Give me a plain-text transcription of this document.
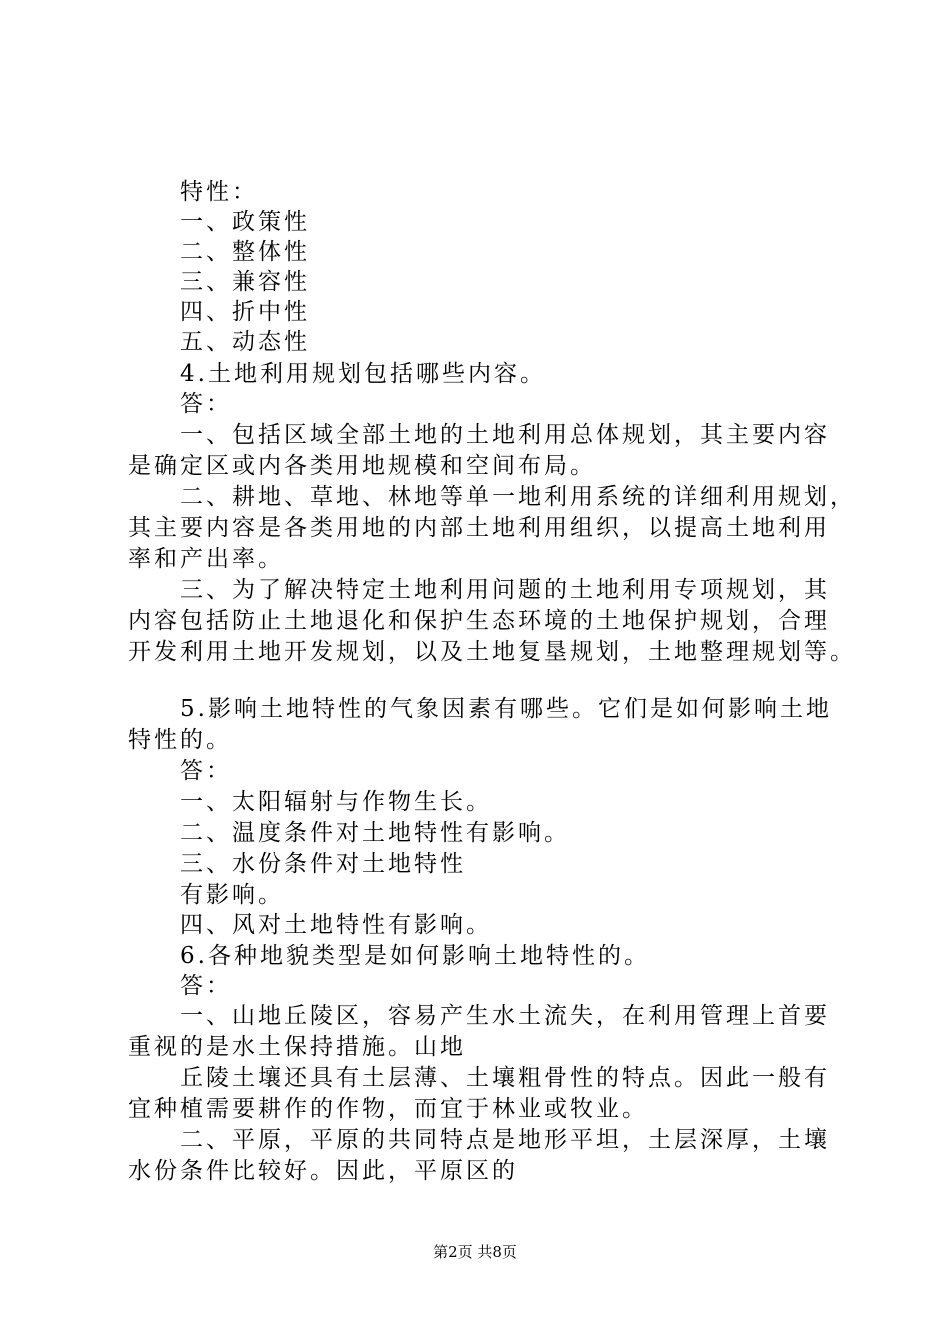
特性：

一、政策性

二、整体性

三、兼容性

四、折中性

五、动态性

4.土地利用规划包括哪些内容。

答：

一、包括区域全部土地的土地利用总体规划，其主要内容

是确定区或内各类用地规模和空间布局。

二、耕地、草地、林地等单一地利用系统的详细利用规划，

其主要内容是各类用地的内部土地利用组织，以提高土地利用

率和产出率。

三、为了解决特定土地利用问题的土地利用专项规划，其

内容包括防止土地退化和保护生态环境的土地保护规划，合理

开发利用土地开发规划，以及土地复垦规划，土地整理规划等。

5.影响土地特性的气象因素有哪些。它们是如何影响土地

特性的。

答：

一、太阳辐射与作物生长。

二、温度条件对土地特性有影响。

三、水份条件对土地特性

有影响。

四、风对土地特性有影响。

6.各种地貌类型是如何影响土地特性的。

答：

一、山地丘陵区，容易产生水土流失，在利用管理上首要

重视的是水土保持措施。山地

丘陵土壤还具有土层薄、土壤粗骨性的特点。因此一般有

宜种植需要耕作的作物，而宜于林业或牧业。

二、平原，平原的共同特点是地形平坦，土层深厚，土壤

水份条件比较好。因此，平原区的

第2页 共8页
